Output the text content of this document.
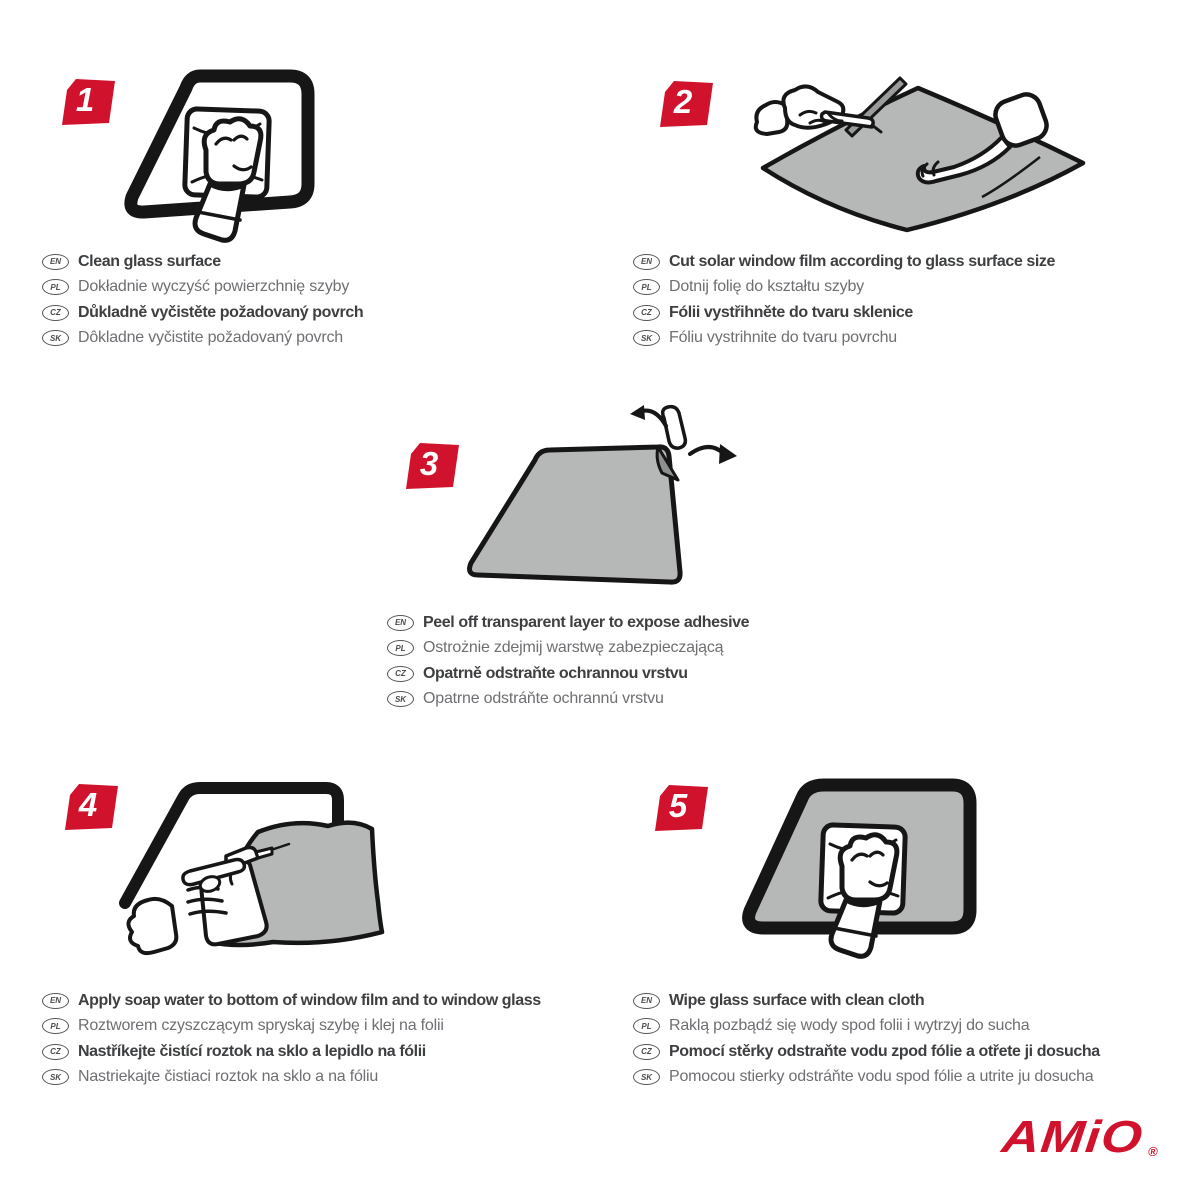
1
EN	Clean glass surface
PL	Dokładnie wyczyść powierzchnię szyby
CZ	Důkladně vyčistěte požadovaný povrch
SK	Dôkladne vyčistite požadovaný povrch
2
EN	Cut solar window film according to glass surface size
PL	Dotnij folię do kształtu szyby
CZ	Fólii vystřihněte do tvaru sklenice
SK	Fóliu vystrihnite do tvaru povrchu
3
EN	Peel off transparent layer to expose adhesive
PL	Ostrożnie zdejmij warstwę zabezpieczającą
CZ	Opatrně odstraňte ochrannou vrstvu
SK	Opatrne odstráňte ochrannú vrstvu
4
EN	Apply soap water to bottom of window film and to window glass
PL	Roztworem czyszczącym spryskaj szybę i klej na folii
CZ	Nastříkejte čistící roztok na sklo a lepidlo na fólii
SK	Nastriekajte čistiaci roztok na sklo a na fóliu
5
EN	Wipe glass surface with clean cloth
PL	Raklą pozbądź się wody spod folii i wytrzyj do sucha
CZ	Pomocí stěrky odstraňte vodu zpod fólie a otřete ji dosucha
SK	Pomocou stierky odstráňte vodu spod fólie a utrite ju dosucha
AMiO $_®$
